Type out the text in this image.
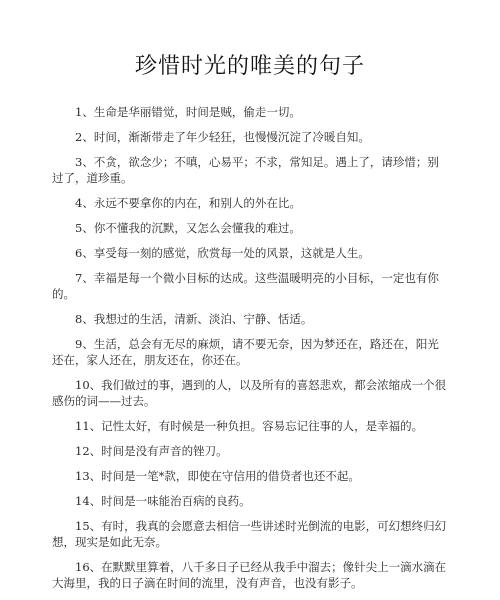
珍惜时光的唯美的句子

1、生命是华丽错觉，时间是贼，偷走一切。

2、时间，渐渐带走了年少轻狂，也慢慢沉淀了冷暖自知。

3、不贪，欲念少；不嗔，心易平；不求，常知足。遇上了，请珍惜；别过了，道珍重。

4、永远不要拿你的内在，和别人的外在比。

5、你不懂我的沉默，又怎么会懂我的难过。

6、享受每一刻的感觉，欣赏每一处的风景，这就是人生。

7、幸福是每一个微小目标的达成。这些温暖明亮的小目标，一定也有你的。

8、我想过的生活，清新、淡泊、宁静、恬适。

9、生活，总会有无尽的麻烦，请不要无奈，因为梦还在，路还在，阳光还在，家人还在，朋友还在，你还在。

10、我们做过的事，遇到的人，以及所有的喜怒悲欢，都会浓缩成一个很感伤的词——过去。

11、记性太好，有时候是一种负担。容易忘记往事的人，是幸福的。

12、时间是没有声音的锉刀。

13、时间是一笔*款，即使在守信用的借贷者也还不起。

14、时间是一味能治百病的良药。

15、有时，我真的会愿意去相信一些讲述时光倒流的电影，可幻想终归幻想，现实是如此无奈。

16、在默默里算着，八千多日子已经从我手中溜去；像针尖上一滴水滴在大海里，我的日子滴在时间的流里，没有声音，也没有影子。
